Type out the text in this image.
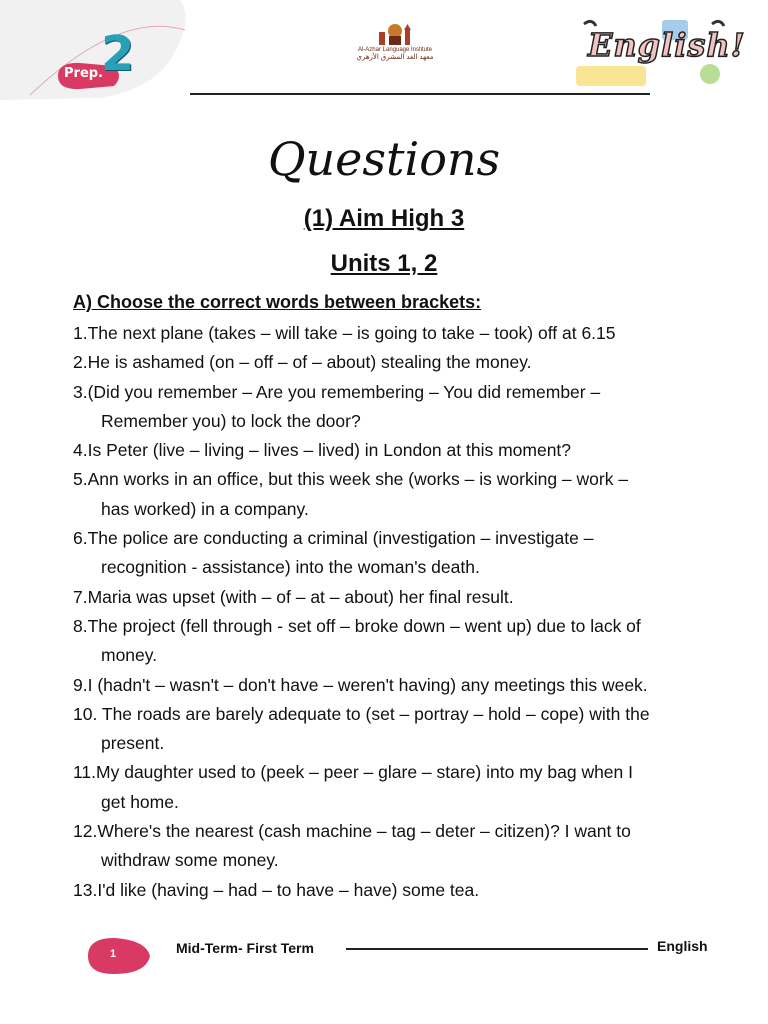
Prep.
2	Al-Azhar Language Institute
معهد الغد المشرق الأزهري	English!
Questions
(1) Aim High 3
Units 1, 2
A) Choose the correct words between brackets:
1.The next plane (takes – will take – is going to take – took) off at 6.15
2.He is ashamed (on – off – of – about) stealing the money.
3.(Did you remember – Are you remembering – You did remember –
Remember you) to lock the door?
4.Is Peter (live – living – lives – lived) in London at this moment?
5.Ann works in an office, but this week she (works – is working – work –
has worked) in a company.
6.The police are conducting a criminal (investigation – investigate –
recognition - assistance) into the woman's death.
7.Maria was upset (with – of – at – about) her final result.
8.The project (fell through - set off – broke down – went up) due to lack of
money.
9.I (hadn't – wasn't – don't have – weren't having) any meetings this week.
10. The roads are barely adequate to (set – portray – hold – cope) with the
present.
11.My daughter used to (peek – peer – glare – stare) into my bag when I
get home.
12.Where's the nearest (cash machine – tag – deter – citizen)? I want to
withdraw some money.
13.I'd like (having – had – to have – have) some tea.
1	Mid-Term- First Term	English
